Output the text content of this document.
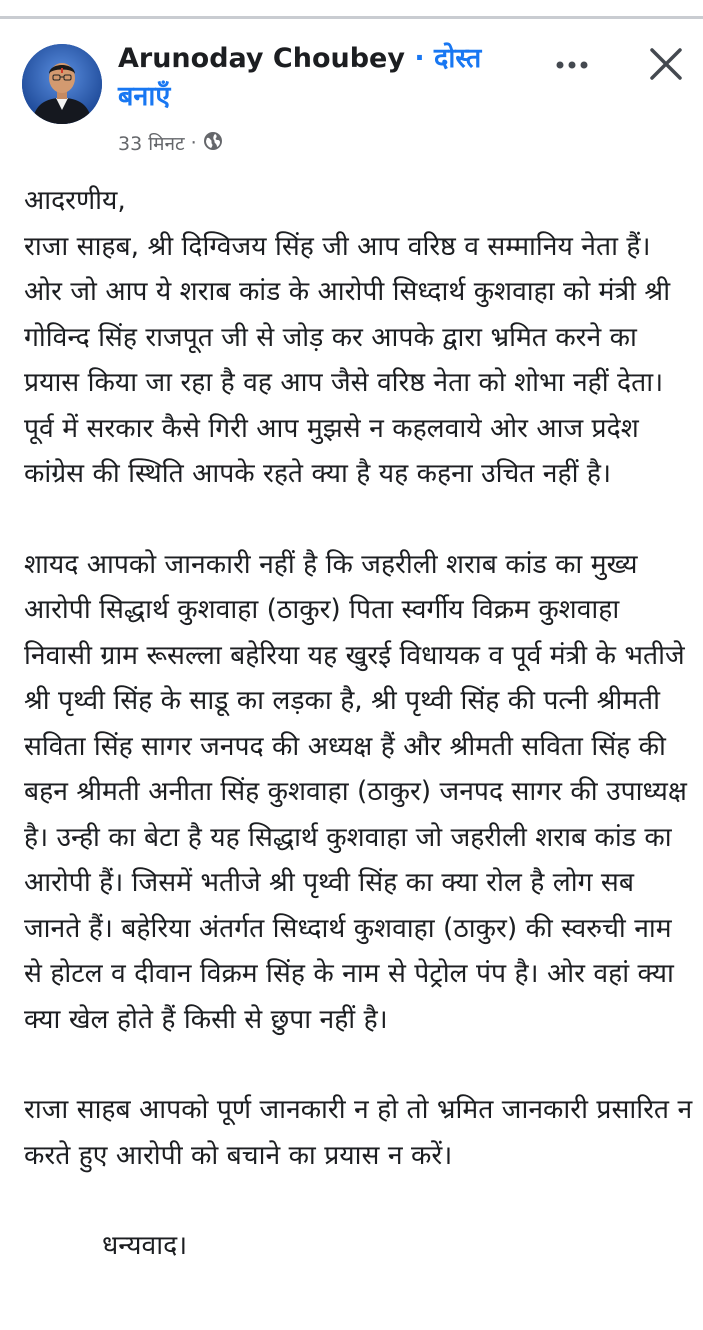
Arunoday Choubey · दोस्त बनाएँ
33 मिनट ·

आदरणीय,

राजा साहब, श्री दिग्विजय सिंह जी आप वरिष्ठ व सम्मानिय नेता हैं। ओर जो आप ये शराब कांड के आरोपी सिध्दार्थ कुशवाहा को मंत्री श्री गोविन्द सिंह राजपूत जी से जोड़ कर आपके द्वारा भ्रमित करने का प्रयास किया जा रहा है वह आप जैसे वरिष्ठ नेता को शोभा नहीं देता। पूर्व में सरकार कैसे गिरी आप मुझसे न कहलवाये ओर आज प्रदेश कांग्रेस की स्थिति आपके रहते क्या है यह कहना उचित नहीं है।

शायद आपको जानकारी नहीं है कि जहरीली शराब कांड का मुख्य आरोपी सिद्धार्थ कुशवाहा (ठाकुर) पिता स्वर्गीय विक्रम कुशवाहा निवासी ग्राम रूसल्ला बहेरिया यह खुरई विधायक व पूर्व मंत्री के भतीजे श्री पृथ्वी सिंह के साडू का लड़का है, श्री पृथ्वी सिंह की पत्नी श्रीमती सविता सिंह सागर जनपद की अध्यक्ष हैं और श्रीमती सविता सिंह की बहन श्रीमती अनीता सिंह कुशवाहा (ठाकुर) जनपद सागर की उपाध्यक्ष है। उन्ही का बेटा है यह सिद्धार्थ कुशवाहा जो जहरीली शराब कांड का आरोपी हैं। जिसमें भतीजे श्री पृथ्वी सिंह का क्या रोल है लोग सब जानते हैं। बहेरिया अंतर्गत सिध्दार्थ कुशवाहा (ठाकुर) की स्वरुची नाम से होटल व दीवान विक्रम सिंह के नाम से पेट्रोल पंप है। ओर वहां क्या क्या खेल होते हैं किसी से छुपा नहीं है।

राजा साहब आपको पूर्ण जानकारी न हो तो भ्रमित जानकारी प्रसारित न करते हुए आरोपी को बचाने का प्रयास न करें।

धन्यवाद।
